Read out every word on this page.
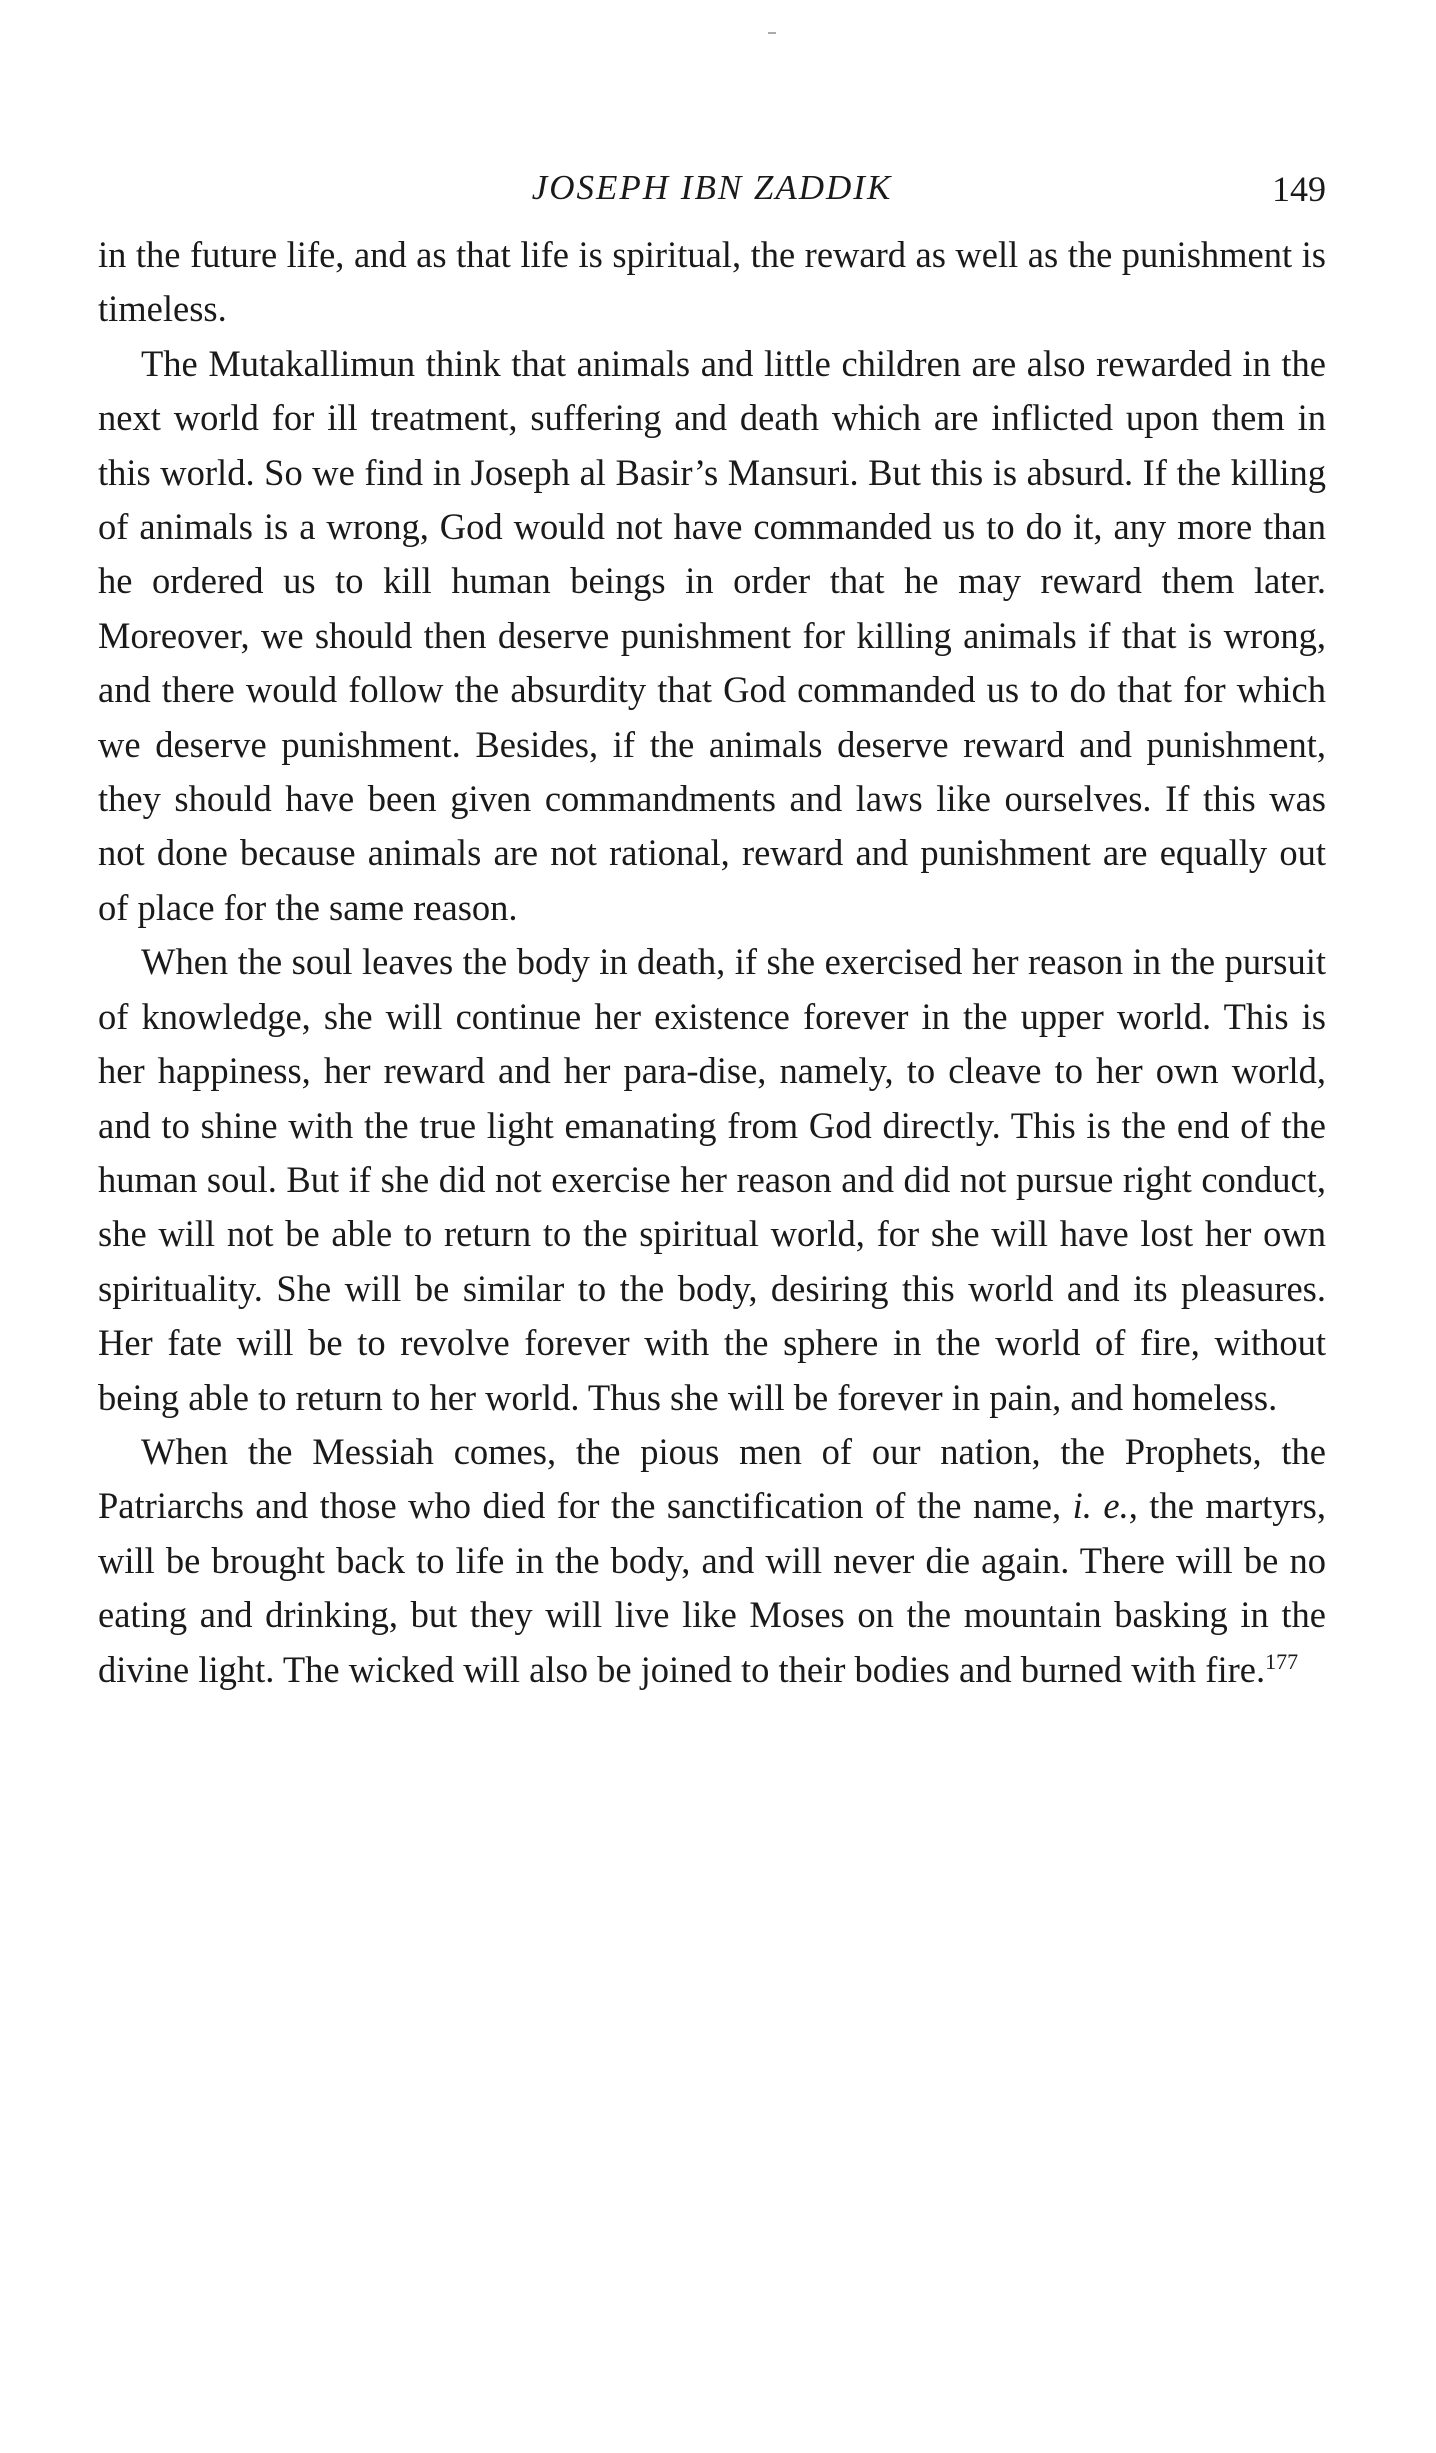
JOSEPH IBN ZADDIK	149

in the future life, and as that life is spiritual, the reward as well as the punishment is timeless.

The Mutakallimun think that animals and little children are also rewarded in the next world for ill treatment, suffering and death which are inflicted upon them in this world. So we find in Joseph al Basir’s Mansuri. But this is absurd. If the killing of animals is a wrong, God would not have commanded us to do it, any more than he ordered us to kill human beings in order that he may reward them later. Moreover, we should then deserve punishment for killing animals if that is wrong, and there would follow the absurdity that God commanded us to do that for which we deserve punishment. Besides, if the animals deserve reward and punishment, they should have been given commandments and laws like ourselves. If this was not done because animals are not rational, reward and punishment are equally out of place for the same reason.

When the soul leaves the body in death, if she exercised her reason in the pursuit of knowledge, she will continue her existence forever in the upper world. This is her happiness, her reward and her para-dise, namely, to cleave to her own world, and to shine with the true light emanating from God directly. This is the end of the human soul. But if she did not exercise her reason and did not pursue right conduct, she will not be able to return to the spiritual world, for she will have lost her own spirituality. She will be similar to the body, desiring this world and its pleasures. Her fate will be to revolve forever with the sphere in the world of fire, without being able to return to her world. Thus she will be forever in pain, and homeless.

When the Messiah comes, the pious men of our nation, the Prophets, the Patriarchs and those who died for the sanctification of the name, i. e., the martyrs, will be brought back to life in the body, and will never die again. There will be no eating and drinking, but they will live like Moses on the mountain basking in the divine light. The wicked will also be joined to their bodies and burned with fire.$^{177}$
